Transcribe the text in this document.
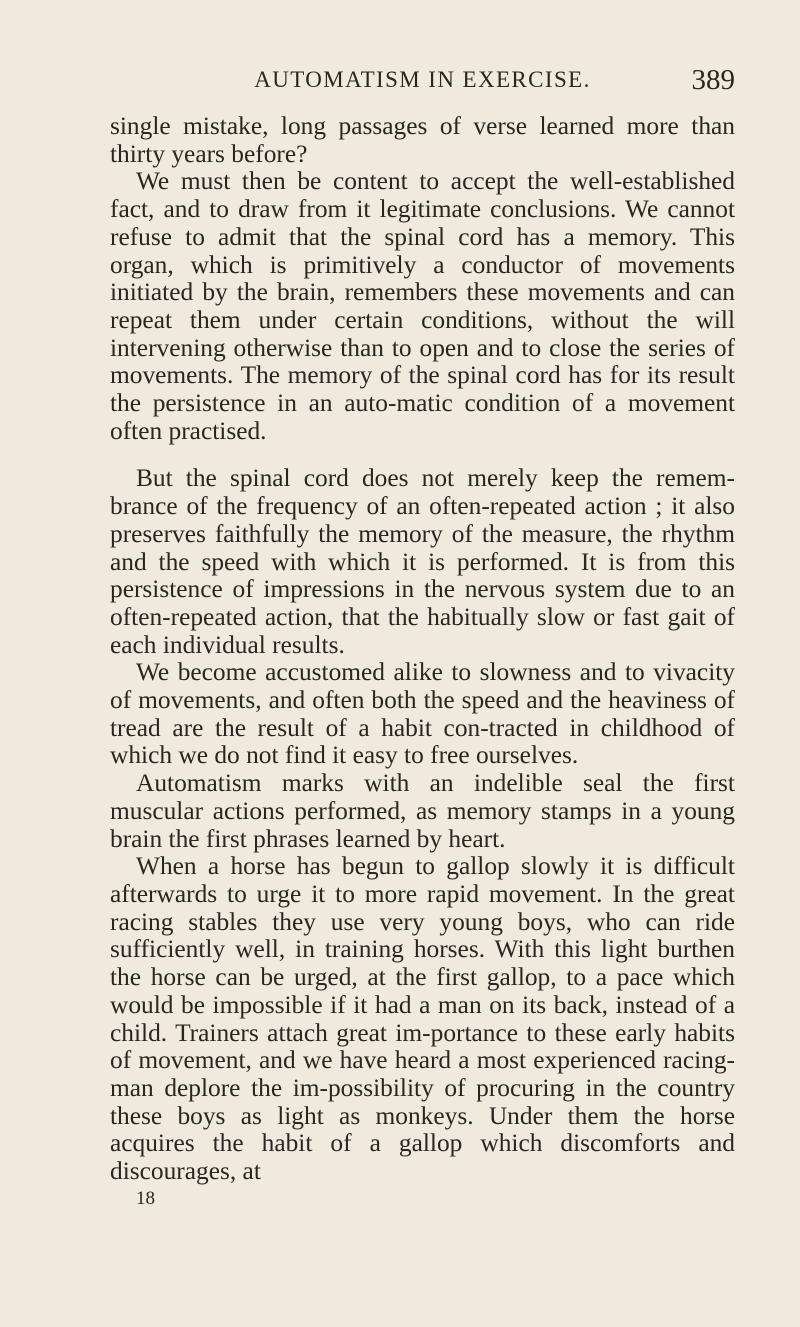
AUTOMATISM IN EXERCISE.	389

single mistake, long passages of verse learned more than thirty years before?

We must then be content to accept the well-established fact, and to draw from it legitimate conclusions. We cannot refuse to admit that the spinal cord has a memory. This organ, which is primitively a conductor of movements initiated by the brain, remembers these movements and can repeat them under certain conditions, without the will intervening otherwise than to open and to close the series of movements. The memory of the spinal cord has for its result the persistence in an auto-matic condition of a movement often practised.

But the spinal cord does not merely keep the remem-brance of the frequency of an often-repeated action ; it also preserves faithfully the memory of the measure, the rhythm and the speed with which it is performed. It is from this persistence of impressions in the nervous system due to an often-repeated action, that the habitually slow or fast gait of each individual results.

We become accustomed alike to slowness and to vivacity of movements, and often both the speed and the heaviness of tread are the result of a habit con-tracted in childhood of which we do not find it easy to free ourselves.

Automatism marks with an indelible seal the first muscular actions performed, as memory stamps in a young brain the first phrases learned by heart.

When a horse has begun to gallop slowly it is difficult afterwards to urge it to more rapid movement. In the great racing stables they use very young boys, who can ride sufficiently well, in training horses. With this light burthen the horse can be urged, at the first gallop, to a pace which would be impossible if it had a man on its back, instead of a child. Trainers attach great im-portance to these early habits of movement, and we have heard a most experienced racing-man deplore the im-possibility of procuring in the country these boys as light as monkeys. Under them the horse acquires the habit of a gallop which discomforts and discourages, at

18
